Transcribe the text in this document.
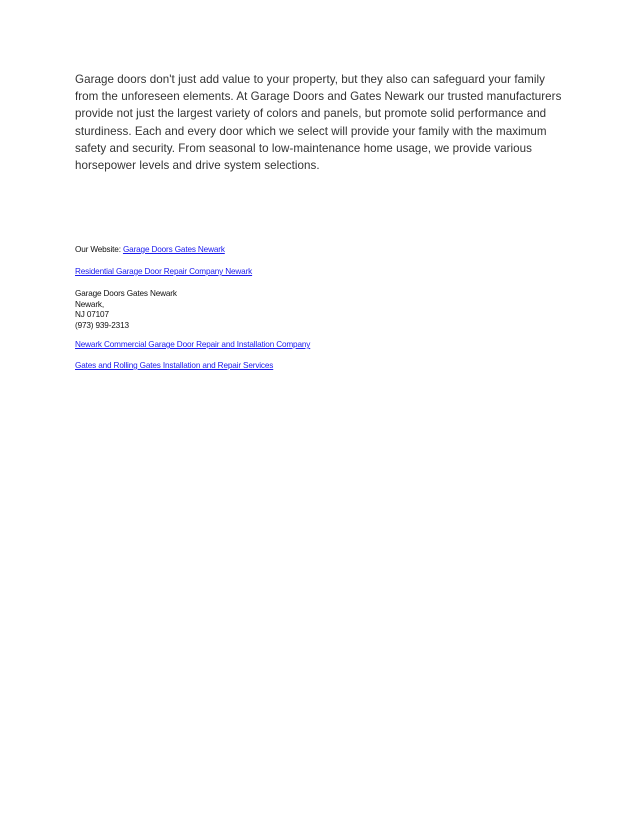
Garage doors don't just add value to your property, but they also can safeguard your family from the unforeseen elements. At Garage Doors and Gates Newark our trusted manufacturers provide not just the largest variety of colors and panels, but promote solid performance and sturdiness. Each and every door which we select will provide your family with the maximum safety and security. From seasonal to low-maintenance home usage, we provide various horsepower levels and drive system selections.

Our Website: Garage Doors Gates Newark
Residential Garage Door Repair Company Newark
Garage Doors Gates Newark
Newark,
NJ 07107
(973) 939-2313
Newark Commercial Garage Door Repair and Installation Company
Gates and Rolling Gates Installation and Repair Services
